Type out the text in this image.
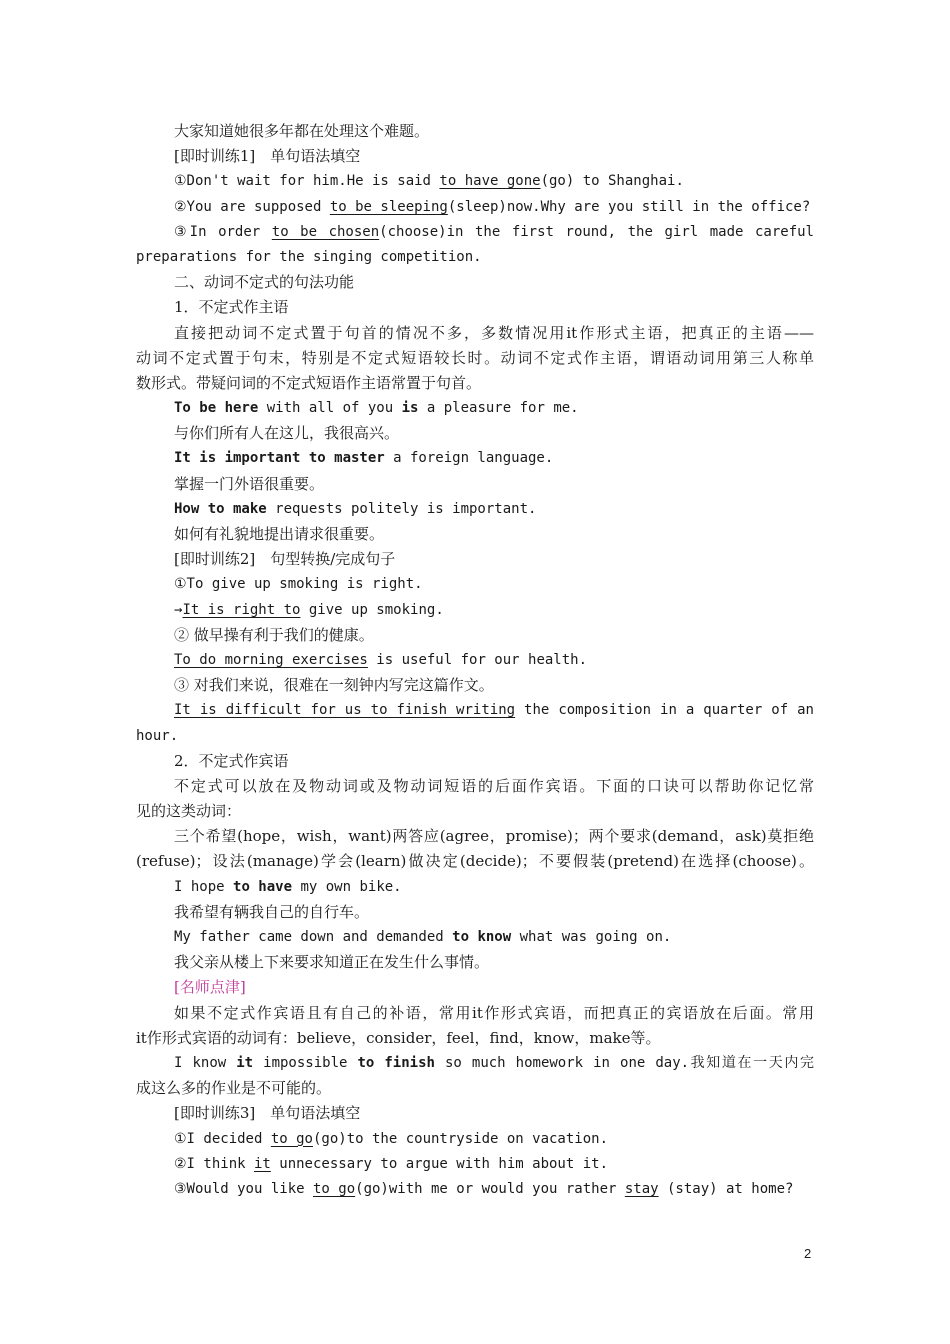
大家知道她很多年都在处理这个难题。
[即时训练1]　单句语法填空
①Don't wait for him.He is said to have gone(go) to Shanghai.
②You are supposed to be sleeping(sleep)now.Why are you still in the office?
③In order to be chosen(choose)in the first round, the girl made careful
preparations for the singing competition.
二、动词不定式的句法功能
1．不定式作主语
直接把动词不定式置于句首的情况不多，多数情况用it作形式主语，把真正的主语——
动词不定式置于句末，特别是不定式短语较长时。动词不定式作主语，谓语动词用第三人称单
数形式。带疑问词的不定式短语作主语常置于句首。
To be here with all of you is a pleasure for me.
与你们所有人在这儿，我很高兴。
It is important to master a foreign language.
掌握一门外语很重要。
How to make requests politely is important.
如何有礼貌地提出请求很重要。
[即时训练2]　句型转换/完成句子
①To give up smoking is right.
→It is right to give up smoking.
② 做早操有利于我们的健康。
To do morning exercises is useful for our health.
③ 对我们来说，很难在一刻钟内写完这篇作文。
It is difficult for us to finish writing the composition in a quarter of an
hour.
2．不定式作宾语
不定式可以放在及物动词或及物动词短语的后面作宾语。下面的口诀可以帮助你记忆常
见的这类动词：
三个希望(hope，wish，want)两答应(agree，promise)；两个要求(demand，ask)莫拒绝
(refuse)；设法(manage)学会(learn)做决定(decide)；不要假装(pretend)在选择(choose)。
I hope to have my own bike.
我希望有辆我自己的自行车。
My father came down and demanded to know what was going on.
我父亲从楼上下来要求知道正在发生什么事情。
[名师点津]
如果不定式作宾语且有自己的补语，常用it作形式宾语，而把真正的宾语放在后面。常用
it作形式宾语的动词有：believe，consider，feel，find，know，make等。
I know it impossible to finish so much homework in one day.我知道在一天内完
成这么多的作业是不可能的。
[即时训练3]　单句语法填空
①I decided to go(go)to the countryside on vacation.
②I think it unnecessary to argue with him about it.
③Would you like to go(go)with me or would you rather stay (stay) at home?
2
